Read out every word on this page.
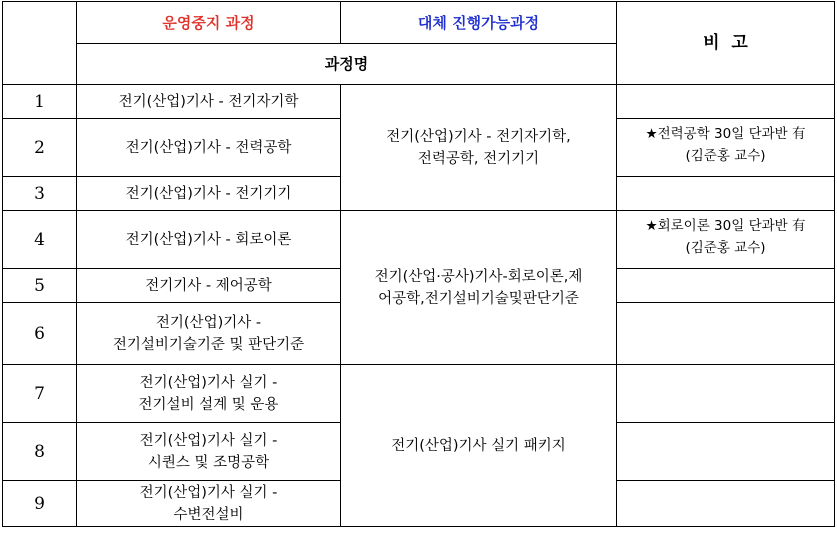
	운영중지 과정	대체 진행가능과정	비  고
	과정명		
1	전기(산업)기사 - 전기자기학	전기(산업)기사 - 전기자기학,
전력공학, 전기기기	
2	전기(산업)기사 - 전력공학		★전력공학 30일 단과반 有
(김준홍 교수)
3	전기(산업)기사 - 전기기기		
4	전기(산업)기사 - 회로이론	전기(산업·공사)기사-회로이론,제
어공학,전기설비기술및판단기준	★회로이론 30일 단과반 有
(김준홍 교수)
5	전기기사 - 제어공학		
6	전기(산업)기사 -
전기설비기술기준 및 판단기준		
7	전기(산업)기사 실기 -
전기설비 설계 및 운용	전기(산업)기사 실기 패키지	
8	전기(산업)기사 실기 -
시퀀스 및 조명공학		
9	전기(산업)기사 실기 -
수변전설비		
